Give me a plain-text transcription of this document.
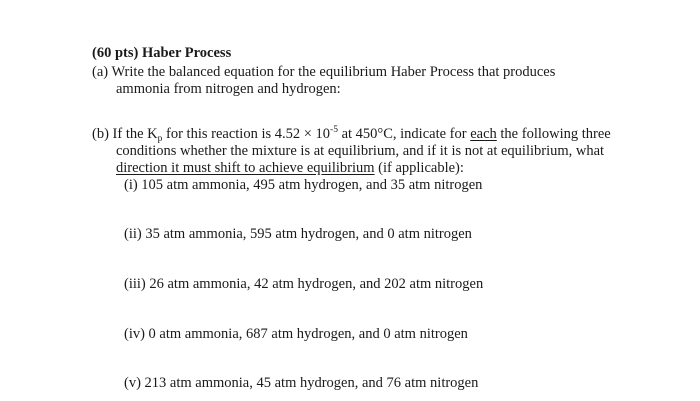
(60 pts) Haber Process
(a) Write the balanced equation for the equilibrium Haber Process that produces
ammonia from nitrogen and hydrogen:
(b) If the $K_p$ for this reaction is $4.52 \times 10^{-5}$ at 450°C, indicate for each the following three
conditions whether the mixture is at equilibrium, and if it is not at equilibrium, what
direction it must shift to achieve equilibrium (if applicable):
(i) 105 atm ammonia, 495 atm hydrogen, and 35 atm nitrogen
(ii) 35 atm ammonia, 595 atm hydrogen, and 0 atm nitrogen
(iii) 26 atm ammonia, 42 atm hydrogen, and 202 atm nitrogen
(iv) 0 atm ammonia, 687 atm hydrogen, and 0 atm nitrogen
(v) 213 atm ammonia, 45 atm hydrogen, and 76 atm nitrogen
